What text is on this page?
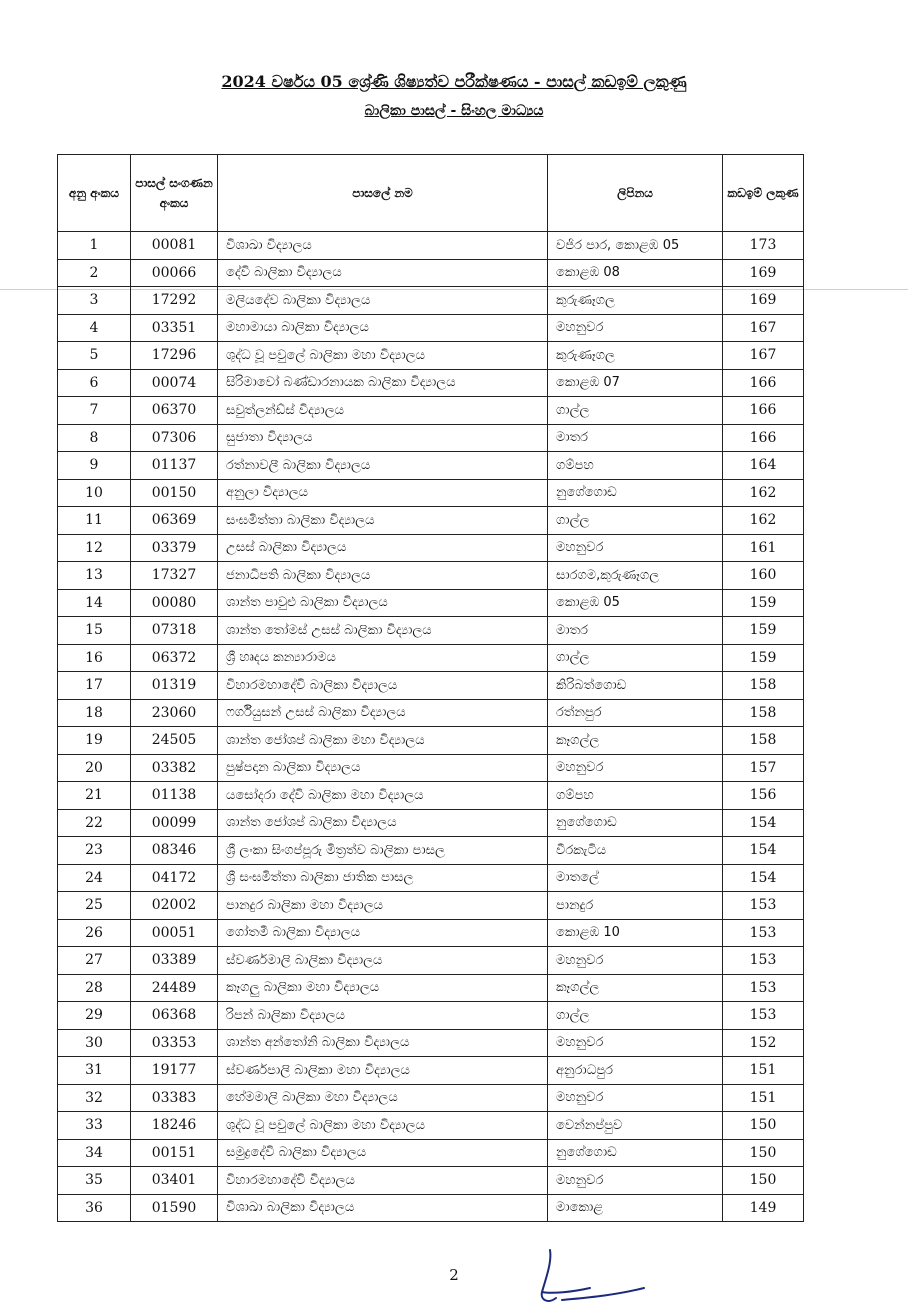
2024 වර්ෂය 05 ශ්‍රේණි ශිෂ්‍යත්ව පරීක්ෂණය - පාසල් කඩඉම් ලකුණු
බාලිකා පාසල් - සිංහල මාධ්‍යය
අනු අංකය	පාසල් සංගණන අංකය	පාසලේ නම	ලිපිනය	කඩඉම් ලකුණ
1	00081	විශාඛා විද්‍යාලය	වජිර පාර, කොළඹ 05	173
2	00066	දේවි බාලිකා විද්‍යාලය	කොළඹ 08	169
3	17292	මලියදේව බාලිකා විද්‍යාලය	කුරුණෑගල	169
4	03351	මහාමායා බාලිකා විද්‍යාලය	මහනුවර	167
5	17296	ශුද්ධ වූ පවුලේ බාලිකා මහා විද්‍යාලය	කුරුණෑගල	167
6	00074	සිරිමාවෝ බණ්ඩාරනායක බාලිකා විද්‍යාලය	කොළඹ 07	166
7	06370	සවුත්ලන්ඩ්ස් විද්‍යාලය	ගාල්ල	166
8	07306	සුජාතා විද්‍යාලය	මාතර	166
9	01137	රත්නාවලී බාලිකා විද්‍යාලය	ගම්පහ	164
10	00150	අනුලා විද්‍යාලය	නුගේගොඩ	162
11	06369	සංඝමිත්තා බාලිකා විද්‍යාලය	ගාල්ල	162
12	03379	උසස් බාලිකා විද්‍යාලය	මහනුවර	161
13	17327	ජනාධිපති බාලිකා විද්‍යාලය	සාරගම,කුරුණෑගල	160
14	00080	ශාන්ත පාවුළු බාලිකා විද්‍යාලය	කොළඹ 05	159
15	07318	ශාන්ත තෝමස් උසස් බාලිකා විද්‍යාලය	මාතර	159
16	06372	ශ්‍රී හෘදය කන්‍යාරාමය	ගාල්ල	159
17	01319	විහාරමහාදේවි බාලිකා විද්‍යාලය	කිරිබත්ගොඩ	158
18	23060	ෆර්ගියුසන් උසස් බාලිකා විද්‍යාලය	රත්නපුර	158
19	24505	ශාන්ත ජෝශප් බාලිකා මහා විද්‍යාලය	කෑගල්ල	158
20	03382	පුෂ්පදාන බාලිකා විද්‍යාලය	මහනුවර	157
21	01138	යසෝදරා දේවි බාලිකා මහා විද්‍යාලය	ගම්පහ	156
22	00099	ශාන්ත ජෝශප් බාලිකා විද්‍යාලය	නුගේගොඩ	154
23	08346	ශ්‍රී ලංකා සිංගප්පූරු මිත්‍රත්ව බාලිකා පාසල	වීරකැටිය	154
24	04172	ශ්‍රී සංඝමිත්තා බාලිකා ජාතික පාසල	මාතලේ	154
25	02002	පානදුර බාලිකා මහා විද්‍යාලය	පානදුර	153
26	00051	ගෝතමී බාලිකා විද්‍යාලය	කොළඹ 10	153
27	03389	ස්වර්ණමාලි බාලිකා විද්‍යාලය	මහනුවර	153
28	24489	කෑගලු බාලිකා මහා විද්‍යාලය	කෑගල්ල	153
29	06368	රිපන් බාලිකා විද්‍යාලය	ගාල්ල	153
30	03353	ශාන්ත අන්තෝනි බාලිකා විද්‍යාලය	මහනුවර	152
31	19177	ස්වර්ණපාලි බාලිකා මහා විද්‍යාලය	අනුරාධපුර	151
32	03383	හේමමාලි බාලිකා මහා විද්‍යාලය	මහනුවර	151
33	18246	ශුද්ධ වූ පවුලේ බාලිකා මහා විද්‍යාලය	වෙන්නප්පුව	150
34	00151	සමුද්‍රදේවි බාලිකා විද්‍යාලය	නුගේගොඩ	150
35	03401	විහාරමහාදේවි විද්‍යාලය	මහනුවර	150
36	01590	විශාඛා බාලිකා විද්‍යාලය	මාකොළ	149
2
